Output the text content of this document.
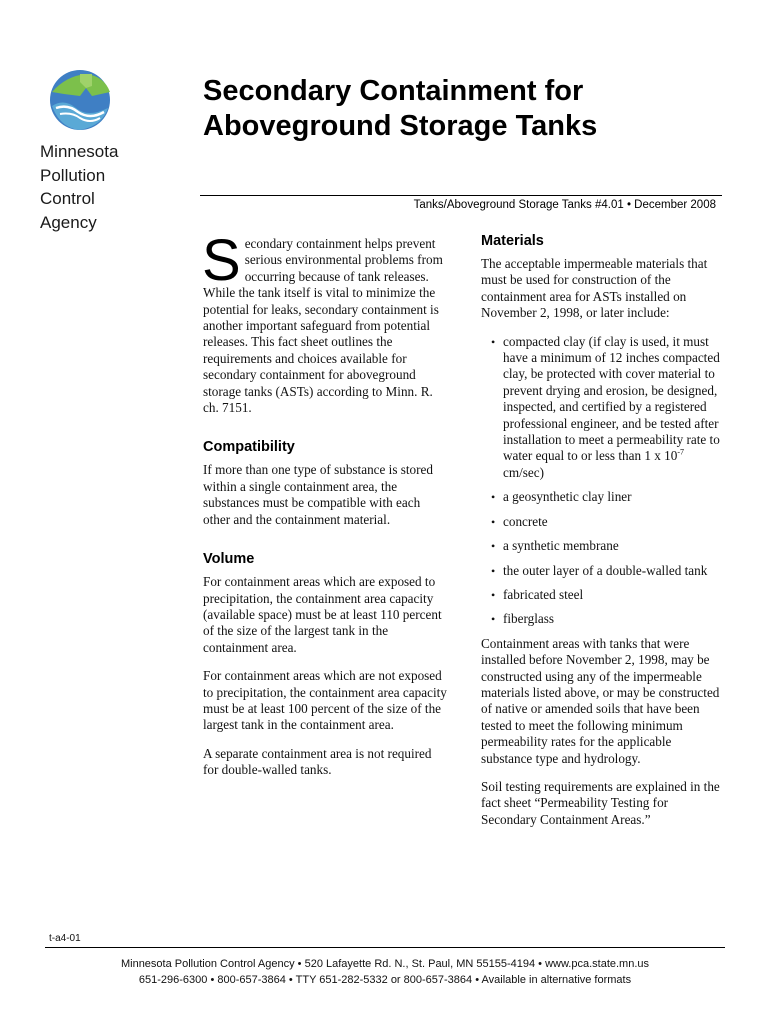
Minnesota
Pollution
Control
Agency
Secondary Containment for
Aboveground Storage Tanks
Tanks/Aboveground Storage Tanks #4.01 • December 2008

Secondary containment helps prevent serious environmental problems from occurring because of tank releases. While the tank itself is vital to minimize the potential for leaks, secondary containment is another important safeguard from potential releases. This fact sheet outlines the requirements and choices available for secondary containment for aboveground storage tanks (ASTs) according to Minn. R. ch. 7151.

Compatibility

If more than one type of substance is stored within a single containment area, the substances must be compatible with each other and the containment material.

Volume

For containment areas which are exposed to precipitation, the containment area capacity (available space) must be at least 110 percent of the size of the largest tank in the containment area.

For containment areas which are not exposed to precipitation, the containment area capacity must be at least 100 percent of the size of the largest tank in the containment area.

A separate containment area is not required for double-walled tanks.

Materials

The acceptable impermeable materials that must be used for construction of the containment area for ASTs installed on November 2, 1998, or later include:

• compacted clay (if clay is used, it must have a minimum of 12 inches compacted clay, be protected with cover material to prevent drying and erosion, be designed, inspected, and certified by a registered professional engineer, and be tested after installation to meet a permeability rate to water equal to or less than 1 x $10^{-7}$ cm/sec)
• a geosynthetic clay liner
• concrete
• a synthetic membrane
• the outer layer of a double-walled tank
• fabricated steel
• fiberglass

Containment areas with tanks that were installed before November 2, 1998, may be constructed using any of the impermeable materials listed above, or may be constructed of native or amended soils that have been tested to meet the following minimum permeability rates for the applicable substance type and hydrology.

Soil testing requirements are explained in the fact sheet “Permeability Testing for Secondary Containment Areas.”

t-a4-01
Minnesota Pollution Control Agency • 520 Lafayette Rd. N., St. Paul, MN 55155-4194 • www.pca.state.mn.us
651-296-6300 • 800-657-3864 • TTY 651-282-5332 or 800-657-3864 • Available in alternative formats
